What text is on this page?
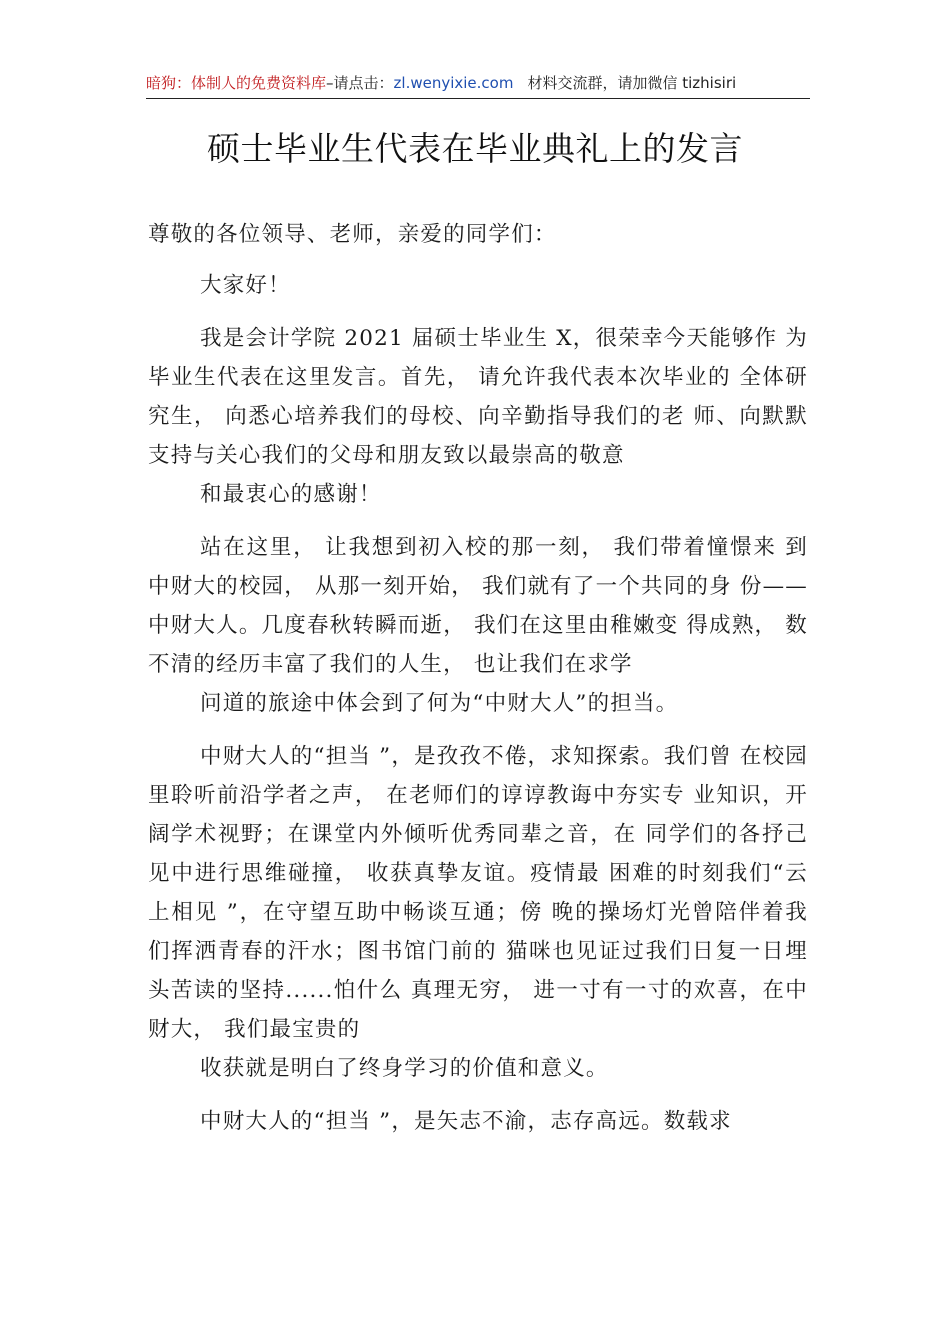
暗狗：体制人的免费资料库–请点击：zl.wenyixie.com 材料交流群，请加微信 tizhisiri
硕士毕业生代表在毕业典礼上的发言

尊敬的各位领导、老师，亲爱的同学们：

大家好！

我是会计学院 2021 届硕士毕业生 X，很荣幸今天能够作 为毕业生代表在这里发言。首先， 请允许我代表本次毕业的 全体研究生， 向悉心培养我们的母校、向辛勤指导我们的老 师、向默默支持与关心我们的父母和朋友致以最崇高的敬意
和最衷心的感谢！

站在这里， 让我想到初入校的那一刻， 我们带着憧憬来 到中财大的校园， 从那一刻开始， 我们就有了一个共同的身 份—— 中财大人。几度春秋转瞬而逝， 我们在这里由稚嫩变 得成熟， 数不清的经历丰富了我们的人生， 也让我们在求学
问道的旅途中体会到了何为“中财大人”的担当。

中财大人的“担当 ”，是孜孜不倦，求知探索。我们曾 在校园里聆听前沿学者之声， 在老师们的谆谆教诲中夯实专 业知识，开阔学术视野；在课堂内外倾听优秀同辈之音，在 同学们的各抒己见中进行思维碰撞， 收获真挚友谊。疫情最 困难的时刻我们“云上相见 ”，在守望互助中畅谈互通；傍 晚的操场灯光曾陪伴着我们挥洒青春的汗水；图书馆门前的 猫咪也见证过我们日复一日埋头苦读的坚持......怕什么 真理无穷， 进一寸有一寸的欢喜，在中财大， 我们最宝贵的
收获就是明白了终身学习的价值和意义。

中财大人的“担当 ”，是矢志不渝，志存高远。数载求
